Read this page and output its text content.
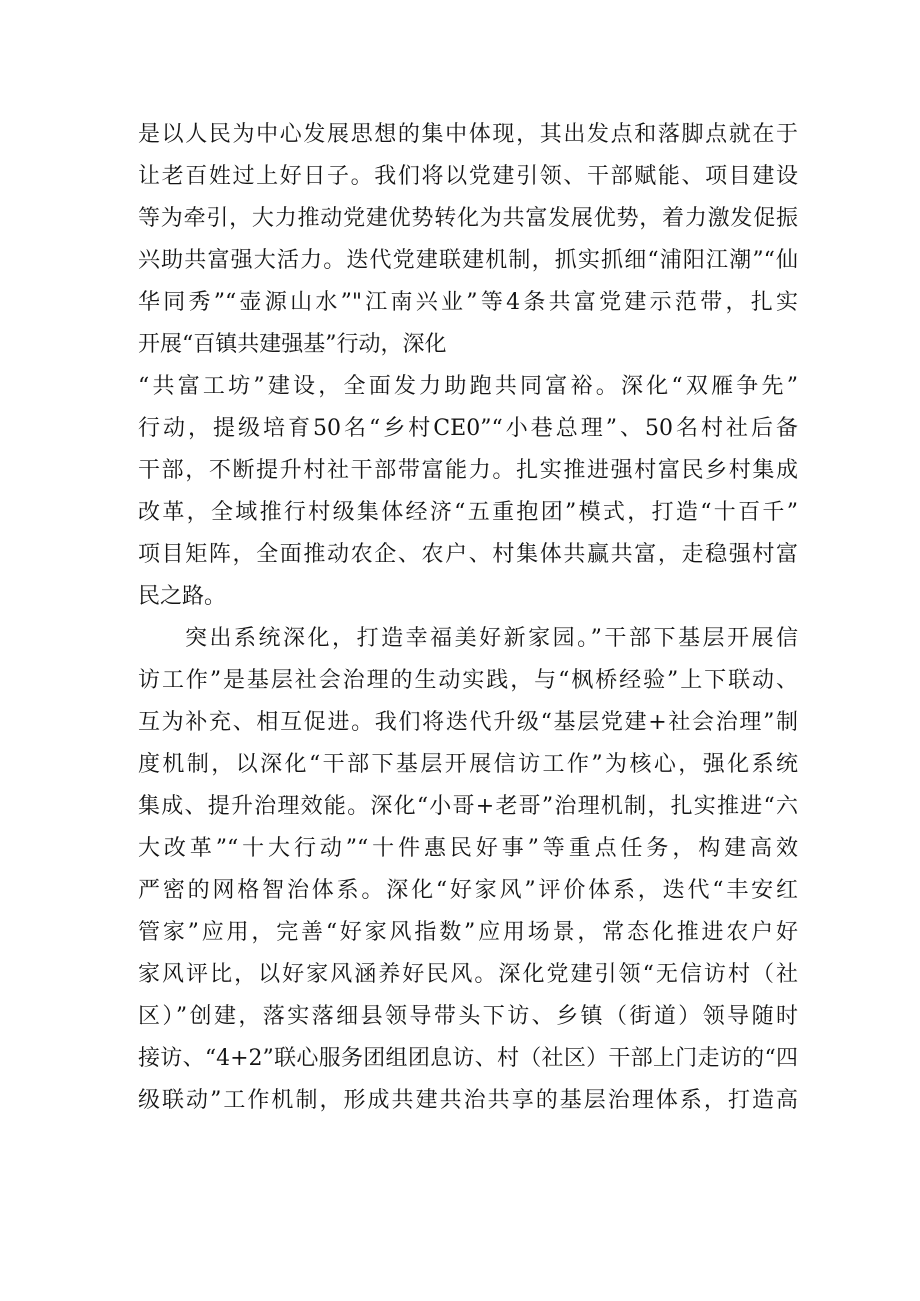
是以人民为中心发展思想的集中体现，其出发点和落脚点就在于
让老百姓过上好日子。我们将以党建引领、干部赋能、项目建设
等为牵引，大力推动党建优势转化为共富发展优势，着力激发促振
兴助共富强大活力。迭代党建联建机制，抓实抓细“浦阳江潮”“仙
华同秀”“壶源山水”"江南兴业”等4条共富党建示范带，扎实
开展“百镇共建强基”行动，深化
“共富工坊”建设，全面发力助跑共同富裕。深化“双雁争先”
行动，提级培育50名“乡村CE0”“小巷总理”、50名村社后备
干部，不断提升村社干部带富能力。扎实推进强村富民乡村集成
改革，全域推行村级集体经济“五重抱团”模式，打造“十百千”
项目矩阵，全面推动农企、农户、村集体共赢共富，走稳强村富
民之路。
突出系统深化，打造幸福美好新家园。”干部下基层开展信
访工作”是基层社会治理的生动实践，与“枫桥经验”上下联动、
互为补充、相互促进。我们将迭代升级“基层党建+社会治理”制
度机制，以深化“干部下基层开展信访工作”为核心，强化系统
集成、提升治理效能。深化“小哥+老哥”治理机制，扎实推进“六
大改革”“十大行动”“十件惠民好事”等重点任务，构建高效
严密的网格智治体系。深化“好家风”评价体系，迭代“丰安红
管家”应用，完善“好家风指数”应用场景，常态化推进农户好
家风评比，以好家风涵养好民风。深化党建引领“无信访村（社
区）”创建，落实落细县领导带头下访、乡镇（街道）领导随时
接访、“4+2”联心服务团组团息访、村（社区）干部上门走访的“四
级联动”工作机制，形成共建共治共享的基层治理体系，打造高
